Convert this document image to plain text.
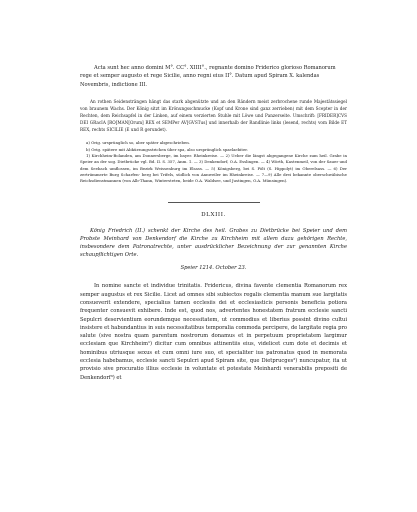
Acta sunt hec anno domini M°. CC°. XIIII°., regnante domino Friderico glorioso Romanorum
rege et semper augusto et rege Sicilie, anno regni eius II°. Datum apud Spiram X. kalendas
Novembris, indictione III.

An rothen Seidensträngen hängt das stark abgenützte und an den Rändern meist zerbrochene runde Majestätssiegel von braunem Wachs. Der König sitzt im Krönungsschmucke (Kopf und Krone sind ganz zerrieben) mit dem Scepter in der Rechten, dem Reichsapfel in der Linken, auf einem verzierten Stuhle mit Löwe und Panzerseite. Umschrift: [FRIDER]CVS DEI GRacIA [RO]MAN[Orum] REX et SEMPer AV[GVSTus] und innerhalb der Randlinie links (lesend, rechts) vom Bilde ET REX, rechts SICILIE (E und R gerundet).

a) Orig. ursprünglich so, aber später abgeschrieben.

b) Orig. spätere mit Abkürzungsstrichen über spa, also ursprünglich spaelaebiter.

1) Kirchheim-Bolanden, am Donnersberge, im bayer. Rheinkreise. — 2) Ueber die längst abgegangene Kirche zum heil. Grabe in Speier an der sog. Dietbrücke vgl. Bd. II. S. 357, Anm. 1. — 3) Denkendorf, O.A. Esslingen. — 4) Wörth, Kastenmeil, von der Sauer und dem Seebach umflossen, im Bezirk Weissenburg im Elsass. — 5) Königsberg, bei S. Pölt (S. Hippolyt) im Oberelsass. — 6) Der zertrümmerte Burg Scharfen- berg bei Trifels, südlich von Annweiler im Rheinkreise. — 7—9) Alle drei bekannte oberschwäbische Reichsdienstmannen (von Alb-Thann, Wintersteten, beide O.A. Waldsee, und Justingen, O.A. Münsingen).

DLXIII.

König Friedrich (II.) schenkt der Kirche des heil. Grabes zu Dietbrücke bei Speier und dem Probste Meinhard von Denkendorf die Kirche zu Kirchheim mit allem dazu gehörigen Rechte, insbesondere dem Patronatrechte, unter ausdrücklicher Bezeichnung der zur genannten Kirche schaupflichtigen Orte.

Speier 1214. October 23.

In nomine sancte et individue trinitatis. Fridericus, divina favente clementia Romanorum rex semper augustus et rex Sicilie. Licet ad omnes sibi subiectos regalis clementia manum sue largitatis consueverit extendere, specialius tamen ecclesiis dei et ecclesiasticis personis beneficia potiora frequenter consuevit exhibere. Inde est, quod nos, advertentes honestatem fratrum ecclesie sancti Sepulcri deservientium eorundemque necessitatem, ut commodius et liberius possint divino cultui insistere et habundantius in suis necessitatibus temporalia commoda percipere, de largitate regia pro salute (sive nostra quam parentum nostrorum donamus et in perpetuum proprietatem largimur ecclesiam que Kirchheim¹) dicitur cum omnibus attinentiis eius, videlicet cum dote et decimis et hominibus utriusque sexus et cum omni iure suo, et specialiter ius patronatus quod in memorata ecclesia habebamus, ecclesie sancti Sepulcri apud Spiram site, que Dietprucges²) nuncupatur, ita ut provisio sive procuratio illius ecclesie in voluntate et potestate Meinhardi venerabilis prepositi de Denkendorf³) et
